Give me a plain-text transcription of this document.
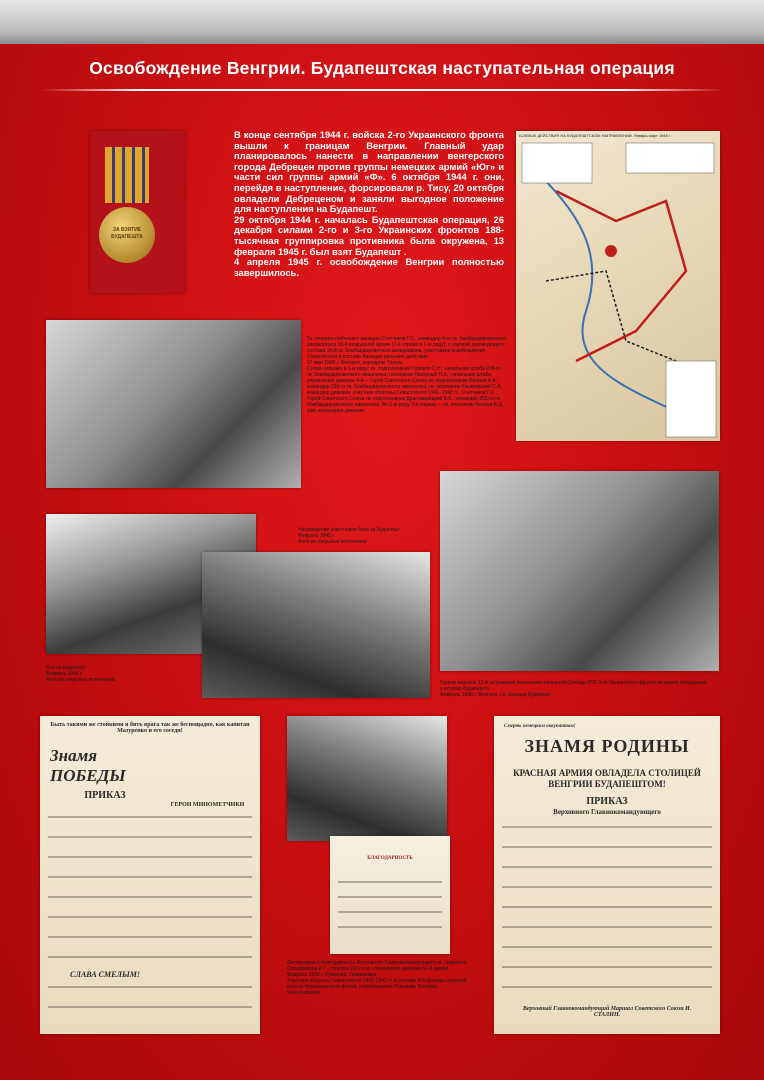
Освобождение Венгрии. Будапештская наступательная операция
ЗА ВЗЯТИЕ
БУДАПЕШТА

В конце сентября 1944 г. войска 2-го Украинского фронта вышли к границам Венгрии. Главный удар планировалось нанести в направлении венгерского города Дебрецен против группы немецких армий «Юг» и части сил группы армий «Ф». 6 октября 1944 г. они, перейдя в наступление, форсировали р. Тису, 20 октября овладели Дебреценом и заняли выгодное положение для наступления на Будапешт.

29 октября 1944 г. началась Будапештская операция, 26 декабря силами 2-го и 3-го Украинских фронтов 188-тысячная группировка противника была окружена, 13 февраля 1945 г. был взят Будапешт .

4 апреля 1945 г. освобождение Венгрии полностью завершилось.

БОЕВЫЕ ДЕЙСТВИЯ НА БУДАПЕШТСКОМ НАПРАВЛЕНИИ. Январь-март 1945 г.
Гв. генерал-лейтенант авиации Счетчиков Г.С., командир 4-го гв. бомбардировочного авиакорпуса 18-й воздушной армии (2-й справа в 1-м ряду), с группой руководящего состава 16-й гв. бомбардировочной авиадивизии, участников освобождения Севастополя в составе Авиации дальнего действия
17 мая 1945 г. Венгрия, аэродром Тёкель
Слева направо в 1-м ряду: гв. подполковник Суриков С.Н., начальник штаба 238-го гв. бомбардировочного авиаполка; полковник Нагорный П.А., начальник штаба управления дивизии 4-й— Герой Советского Союза гв. подполковник Балаев А.А., командир 238-го гв. бомбардировочного авиаполка; гв. полковник Ульяновский С.А., командир дивизии, участник обороны Севастополя 1941–1942 гг., Счетчиков Г.С.; Герой Советского Союза гв. подполковник Драгомирецкий В.К., командир 251-го гв. бомбардировочного авиаполка. Во 2-м ряду 3-й справа — гв. полковник Белков В.Д., зам. командира дивизии
Бои за Будапешт
Февраль 1945 г.
Фото из открытых источников
Награждение участников боев за Будапешт
Февраль 1945 г.
Фото из открытых источников
Группа моряков 12-й штурмовой инженерно-саперной бригады РГК 3-го Украинского фронта во время передышки у штурма Будапешта
Февраль 1945 г. Венгрия, г.р. Шандар Будапешт
Быть такими же стойкими и бить врага так же беспощадно, как капитан Мазуренко и его соседи!
Знамя ПОБЕДЫ
ПРИКАЗ
ГЕРОИ МИНОМЕТЧИКИ
СЛАВА СМЕЛЫМ!
БЛАГОДАРНОСТЬ
Фотография и благодарность Верховного Главнокомандующего гв. сержанта Серафимова И.Г., стрелка 110-го гв. стрелкового дивизии 51-й армии
Февраль 1945 г. Румыния, Тимишоара
Участник обороны Севастополя 1941-1942 гг. в составе 8-й бригады морской пехоты Черноморского флота, освобождения Румынии, Венгрии, Чехословакии
Смерть немецким оккупантам!
ЗНАМЯ РОДИНЫ
КРАСНАЯ АРМИЯ ОВЛАДЕЛА СТОЛИЦЕЙ ВЕНГРИИ БУДАПЕШТОМ!
ПРИКАЗ
Верховного Главнокомандующего
Верховный Главнокомандующий Маршал Советского Союза И. СТАЛИН.
